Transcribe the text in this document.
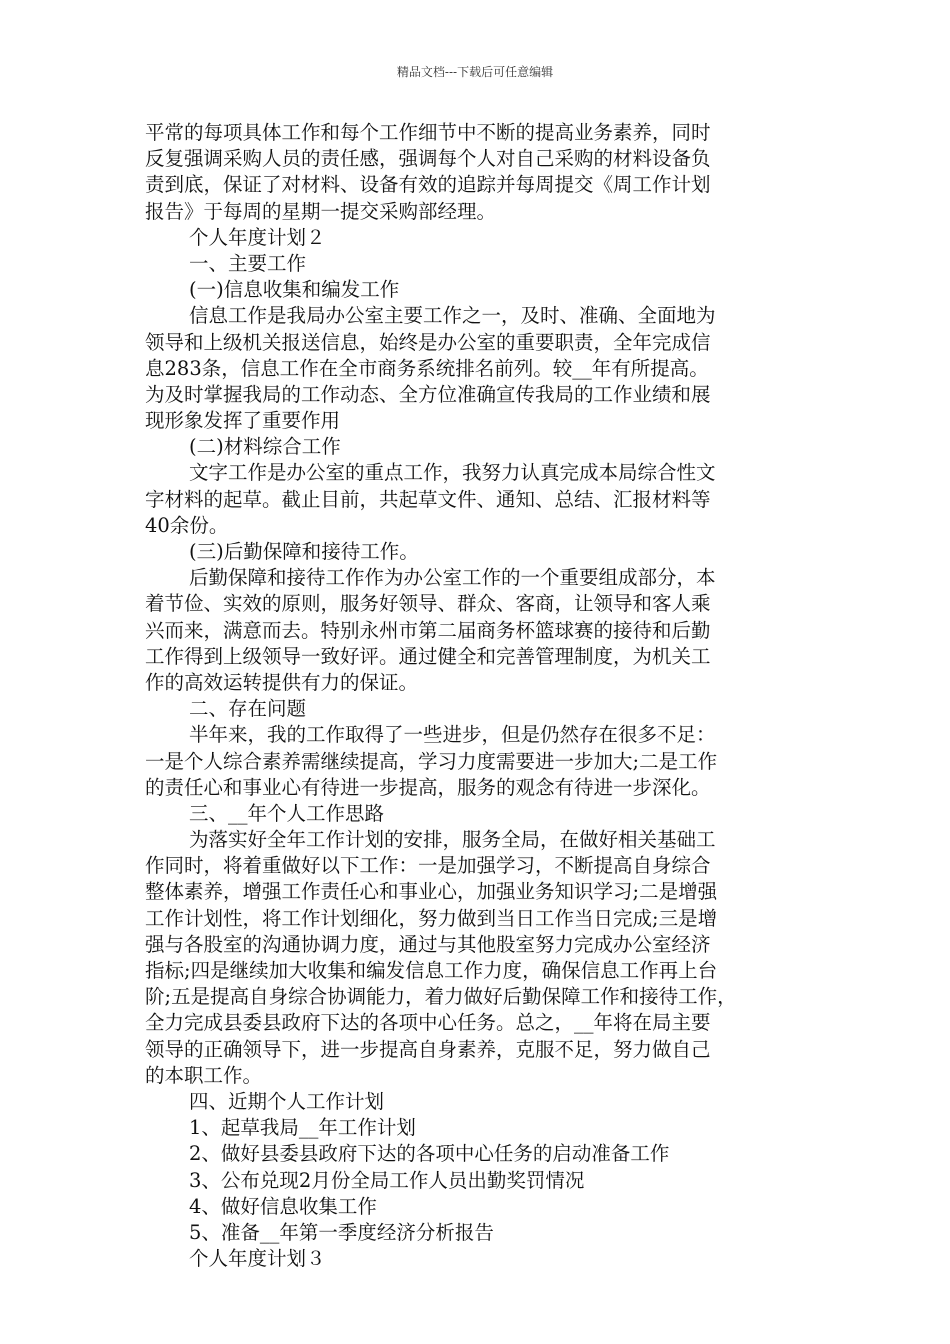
精品文档---下载后可任意编辑
平常的每项具体工作和每个工作细节中不断的提高业务素养，同时
反复强调采购人员的责任感，强调每个人对自己采购的材料设备负
责到底，保证了对材料、设备有效的追踪并每周提交《周工作计划
报告》于每周的星期一提交采购部经理。
个人年度计划２
一、主要工作
(一)信息收集和编发工作
信息工作是我局办公室主要工作之一，及时、准确、全面地为
领导和上级机关报送信息，始终是办公室的重要职责，全年完成信
息283条，信息工作在全市商务系统排名前列。较__年有所提高。
为及时掌握我局的工作动态、全方位准确宣传我局的工作业绩和展
现形象发挥了重要作用
(二)材料综合工作
文字工作是办公室的重点工作，我努力认真完成本局综合性文
字材料的起草。截止目前，共起草文件、通知、总结、汇报材料等
40余份。
(三)后勤保障和接待工作。
后勤保障和接待工作作为办公室工作的一个重要组成部分，本
着节俭、实效的原则，服务好领导、群众、客商，让领导和客人乘
兴而来，满意而去。特别永州市第二届商务杯篮球赛的接待和后勤
工作得到上级领导一致好评。通过健全和完善管理制度，为机关工
作的高效运转提供有力的保证。
二、存在问题
半年来，我的工作取得了一些进步，但是仍然存在很多不足：
一是个人综合素养需继续提高，学习力度需要进一步加大;二是工作
的责任心和事业心有待进一步提高，服务的观念有待进一步深化。
三、__年个人工作思路
为落实好全年工作计划的安排，服务全局，在做好相关基础工
作同时，将着重做好以下工作：一是加强学习，不断提高自身综合
整体素养，增强工作责任心和事业心，加强业务知识学习;二是增强
工作计划性，将工作计划细化，努力做到当日工作当日完成;三是增
强与各股室的沟通协调力度，通过与其他股室努力完成办公室经济
指标;四是继续加大收集和编发信息工作力度，确保信息工作再上台
阶;五是提高自身综合协调能力，着力做好后勤保障工作和接待工作，
全力完成县委县政府下达的各项中心任务。总之，__年将在局主要
领导的正确领导下，进一步提高自身素养，克服不足，努力做自己
的本职工作。
四、近期个人工作计划
1、起草我局__年工作计划
2、做好县委县政府下达的各项中心任务的启动准备工作
3、公布兑现2月份全局工作人员出勤奖罚情况
4、做好信息收集工作
5、准备__年第一季度经济分析报告
个人年度计划３
